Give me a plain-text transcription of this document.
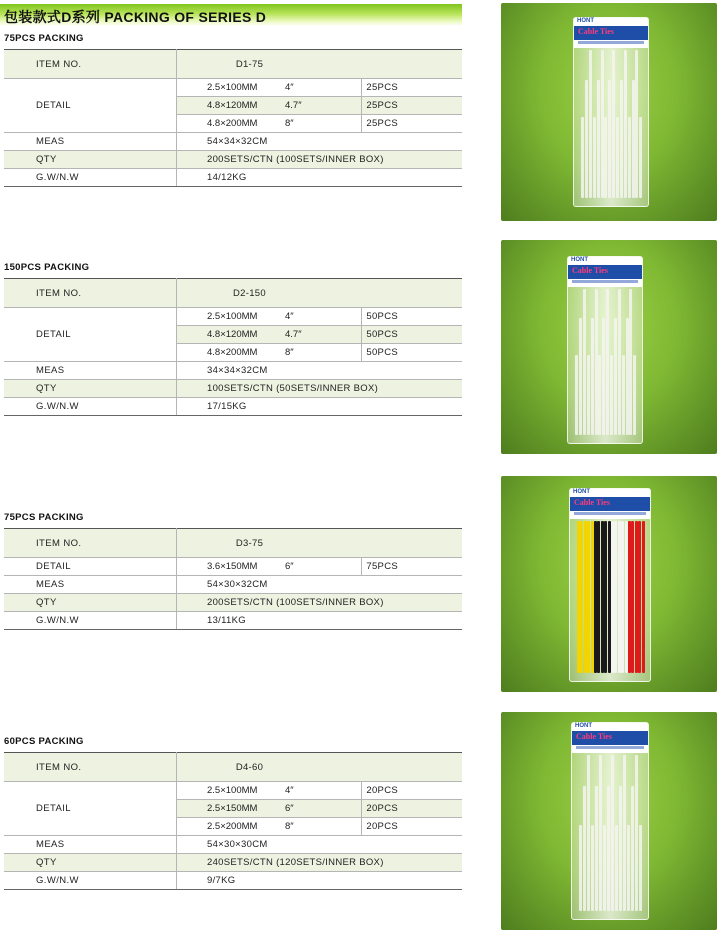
包装款式D系列 PACKING OF SERIES D
75PCS PACKING
ITEM NO.	D1-75	
DETAIL	2.5×100MM 4″	25PCS
	4.8×120MM 4.7″	25PCS
	4.8×200MM 8″	25PCS
MEAS	54×34×32CM	
QTY	200SETS/CTN (100SETS/INNER BOX)	
G.W/N.W	14/12KG	
HONT
Cable Ties
150PCS PACKING
ITEM NO.	D2-150	
DETAIL	2.5×100MM 4″	50PCS
	4.8×120MM 4.7″	50PCS
	4.8×200MM 8″	50PCS
MEAS	34×34×32CM	
QTY	100SETS/CTN (50SETS/INNER BOX)	
G.W/N.W	17/15KG	
HONT
Cable Ties
75PCS PACKING
ITEM NO.	D3-75	
DETAIL	3.6×150MM 6″	75PCS
MEAS	54×30×32CM	
QTY	200SETS/CTN (100SETS/INNER BOX)	
G.W/N.W	13/11KG	
HONT
Cable Ties
60PCS PACKING
ITEM NO.	D4-60	
DETAIL	2.5×100MM 4″	20PCS
	2.5×150MM 6″	20PCS
	2.5×200MM 8″	20PCS
MEAS	54×30×30CM	
QTY	240SETS/CTN (120SETS/INNER BOX)	
G.W/N.W	9/7KG	
HONT
Cable Ties
